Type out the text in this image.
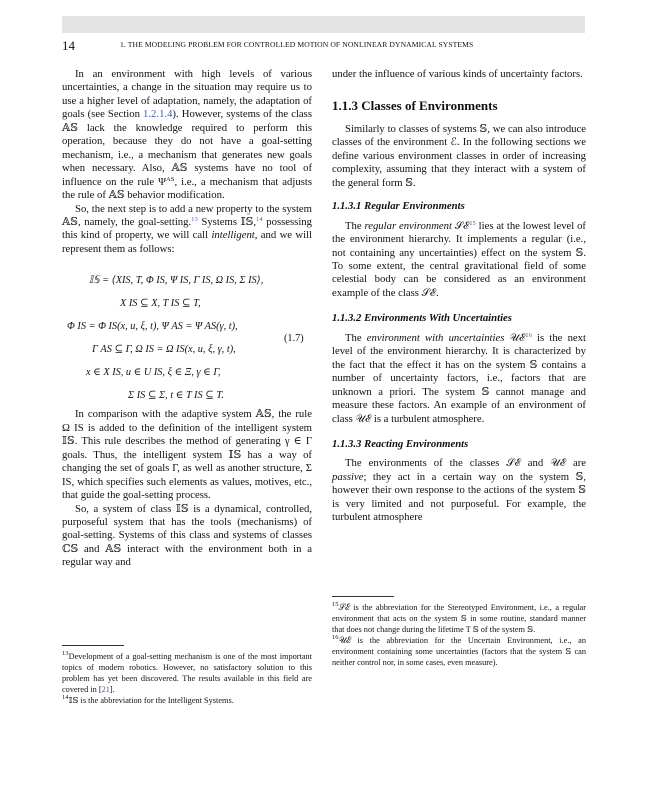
14	1. THE MODELING PROBLEM FOR CONTROLLED MOTION OF NONLINEAR DYNAMICAL SYSTEMS

In an environment with high levels of various uncertainties, a change in the situation may require us to use a higher level of adaptation, namely, the adaptation of goals (see Section 1.2.1.4). However, systems of the class 𝔸𝕊 lack the knowledge required to perform this operation, because they do not have a goal-setting mechanism, i.e., a mechanism that generates new goals when necessary. Also, 𝔸𝕊 systems have no tool of influence on the rule $\Psi^{AS}$, i.e., a mechanism that adjusts the rule of 𝔸𝕊 behavior modification.

So, the next step is to add a new property to the system 𝔸𝕊, namely, the goal-setting.$^{13}$ Systems 𝕀𝕊,$^{14}$ possessing this kind of property, we will call intelligent, and we will represent them as follows:

𝕀𝕊 = ⟨XIS, T, Φ IS, Ψ IS, Γ IS, Ω IS, Σ IS⟩,
X IS ⊆ X, T IS ⊆ T,
Φ IS = Φ IS(x, u, ξ, t), Ψ AS = Ψ AS(γ, t),
Γ AS ⊆ Γ, Ω IS = Ω IS(x, u, ξ, γ, t),
x ∈ X IS, u ∈ U IS, ξ ∈ Ξ, γ ∈ Γ,
Σ IS ⊆ Σ, t ∈ T IS ⊆ T.
(1.7)

In comparison with the adaptive system 𝔸𝕊, the rule Ω IS is added to the definition of the intelligent system 𝕀𝕊. This rule describes the method of generating γ ∈ Γ goals. Thus, the intelligent system 𝕀𝕊 has a way of changing the set of goals Γ, as well as another structure, Σ IS, which specifies such elements as values, motives, etc., that guide the goal-setting process.

So, a system of class 𝕀𝕊 is a dynamical, controlled, purposeful system that has the tools (mechanisms) of goal-setting. Systems of this class and systems of classes ℂ𝕊 and 𝔸𝕊 interact with the environment both in a regular way and

under the influence of various kinds of uncertainty factors.

1.1.3 Classes of Environments

Similarly to classes of systems 𝕊, we can also introduce classes of the environment ℰ. In the following sections we define various environment classes in order of increasing complexity, assuming that they interact with a system of the general form 𝕊.

1.1.3.1 Regular Environments

The regular environment 𝒮ℰ$^{15}$ lies at the lowest level of the environment hierarchy. It implements a regular (i.e., not containing any uncertainties) effect on the system 𝕊. To some extent, the central gravitational field of some celestial body can be considered as an environment example of the class 𝒮ℰ.

1.1.3.2 Environments With Uncertainties

The environment with uncertainties 𝒰ℰ$^{16}$ is the next level of the environment hierarchy. It is characterized by the fact that the effect it has on the system 𝕊 contains a number of uncertainty factors, i.e., factors that are unknown a priori. The system 𝕊 cannot manage and measure these factors. An example of an environment of class 𝒰ℰ is a turbulent atmosphere.

1.1.3.3 Reacting Environments

The environments of the classes 𝒮ℰ and 𝒰ℰ are passive; they act in a certain way on the system 𝕊, however their own response to the actions of the system 𝕊 is very limited and not purposeful. For example, the turbulent atmosphere

$^{13}$Development of a goal-setting mechanism is one of the most important topics of modern robotics. However, no satisfactory solution to this problem has yet been discovered. The results available in this field are covered in [21].

$^{14}$𝕀𝕊 is the abbreviation for the Intelligent Systems.

$^{15}$𝒮ℰ is the abbreviation for the Stereotyped Environment, i.e., a regular environment that acts on the system 𝕊 in some routine, standard manner that does not change during the lifetime T 𝕊 of the system 𝕊.

$^{16}$𝒰ℰ is the abbreviation for the Uncertain Environment, i.e., an environment containing some uncertainties (factors that the system 𝕊 can neither control nor, in some cases, even measure).
